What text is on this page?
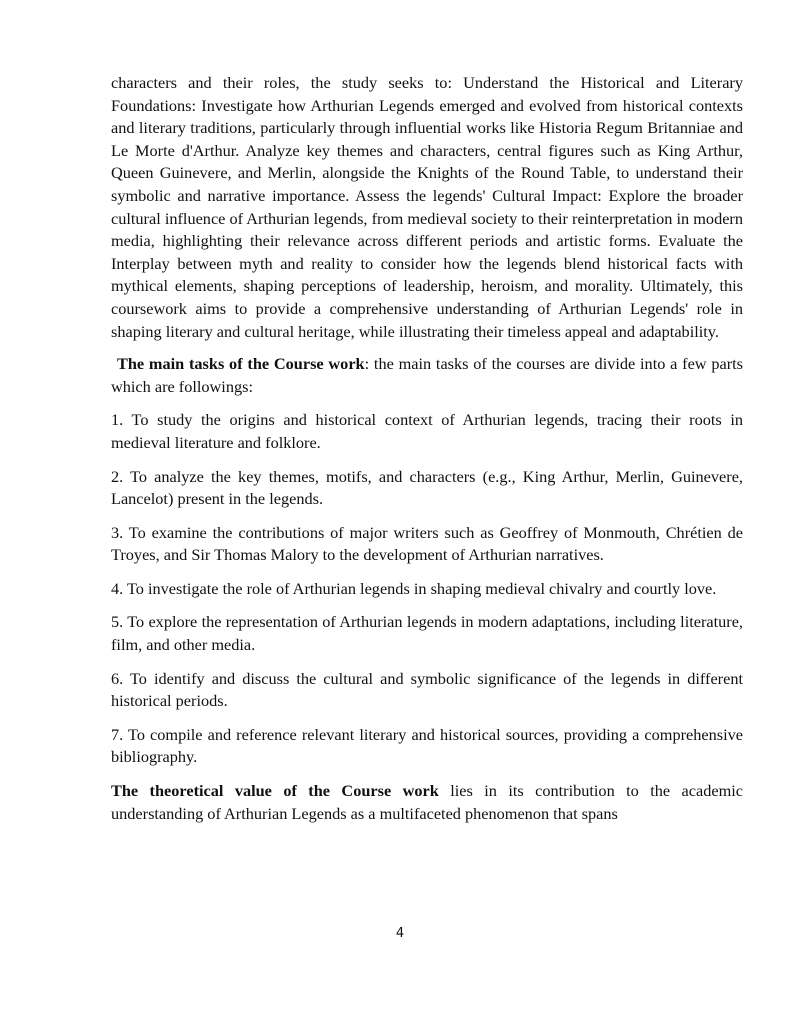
characters and their roles, the study seeks to: Understand the Historical and Literary Foundations: Investigate how Arthurian Legends emerged and evolved from historical contexts and literary traditions, particularly through influential works like Historia Regum Britanniae and Le Morte d'Arthur. Analyze key themes and characters, central figures such as King Arthur, Queen Guinevere, and Merlin, alongside the Knights of the Round Table, to understand their symbolic and narrative importance. Assess the legends' Cultural Impact: Explore the broader cultural influence of Arthurian legends, from medieval society to their reinterpretation in modern media, highlighting their relevance across different periods and artistic forms. Evaluate the Interplay between myth and reality to consider how the legends blend historical facts with mythical elements, shaping perceptions of leadership, heroism, and morality. Ultimately, this coursework aims to provide a comprehensive understanding of Arthurian Legends' role in shaping literary and cultural heritage, while illustrating their timeless appeal and adaptability.

The main tasks of the Course work: the main tasks of the courses are divide into a few parts which are followings:

1. To study the origins and historical context of Arthurian legends, tracing their roots in medieval literature and folklore.

2. To analyze the key themes, motifs, and characters (e.g., King Arthur, Merlin, Guinevere, Lancelot) present in the legends.

3. To examine the contributions of major writers such as Geoffrey of Monmouth, Chrétien de Troyes, and Sir Thomas Malory to the development of Arthurian narratives.

4. To investigate the role of Arthurian legends in shaping medieval chivalry and courtly love.

5. To explore the representation of Arthurian legends in modern adaptations, including literature, film, and other media.

6. To identify and discuss the cultural and symbolic significance of the legends in different historical periods.

7. To compile and reference relevant literary and historical sources, providing a comprehensive bibliography.

The theoretical value of the Course work lies in its contribution to the academic understanding of Arthurian Legends as a multifaceted phenomenon that spans

4
